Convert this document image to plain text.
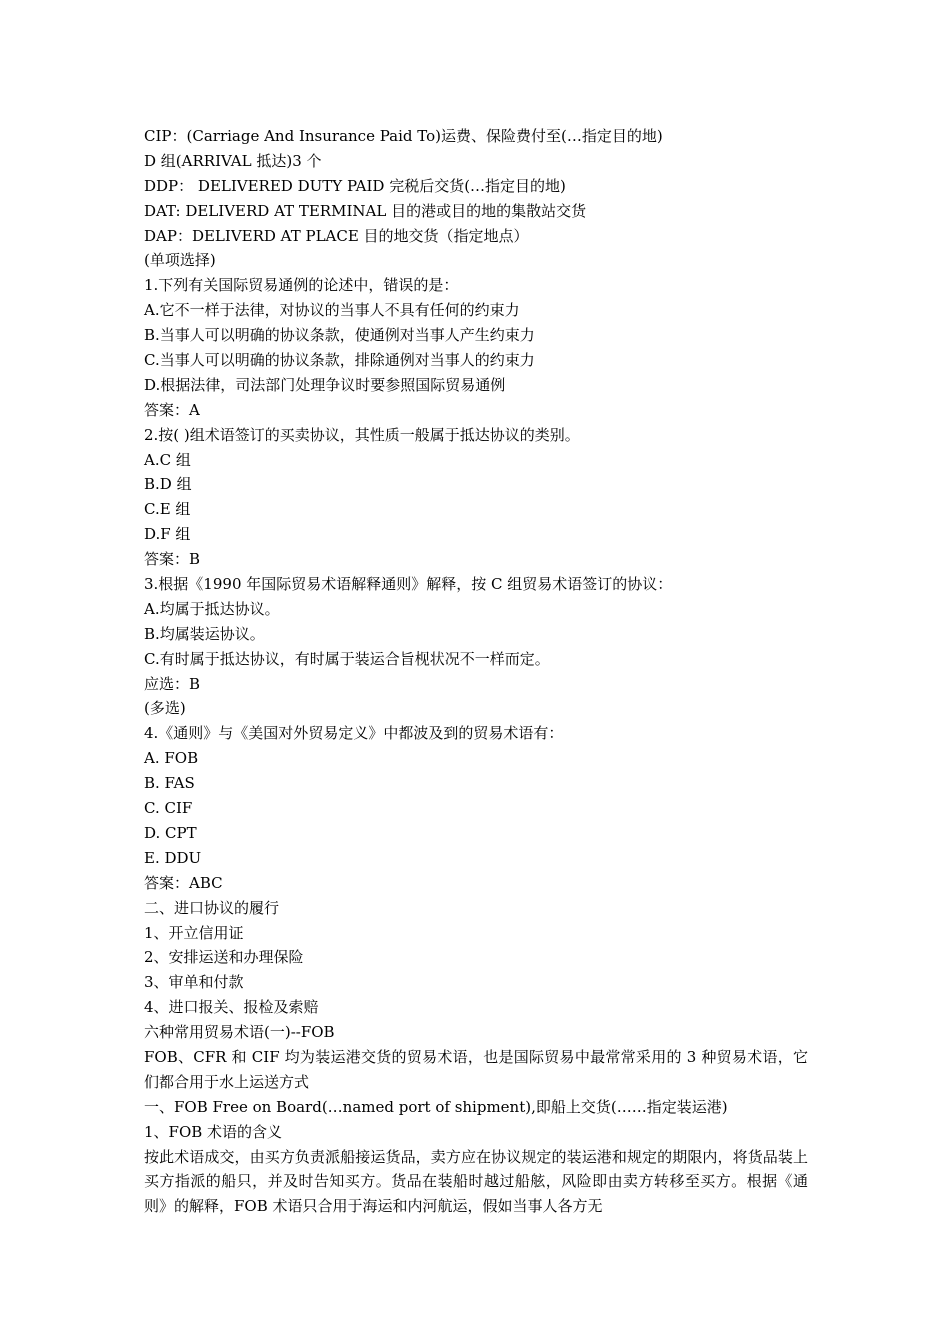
CIP：(Carriage And Insurance Paid To)运费、保险费付至(…指定目的地)
D 组(ARRIVAL 抵达)3 个
DDP： DELIVERED DUTY PAID 完税后交货(…指定目的地)
DAT: DELIVERD AT TERMINAL 目的港或目的地的集散站交货
DAP：DELIVERD AT PLACE 目的地交货（指定地点）
(单项选择)
1.下列有关国际贸易通例的论述中，错误的是：
A.它不一样于法律，对协议的当事人不具有任何的约束力
B.当事人可以明确的协议条款，使通例对当事人产生约束力
C.当事人可以明确的协议条款，排除通例对当事人的约束力
D.根据法律，司法部门处理争议时要参照国际贸易通例
答案：A
2.按( )组术语签订的买卖协议，其性质一般属于抵达协议的类别。
A.C 组
B.D 组
C.E 组
D.F 组
答案：B
3.根据《1990 年国际贸易术语解释通则》解释，按 C 组贸易术语签订的协议：
A.均属于抵达协议。
B.均属装运协议。
C.有时属于抵达协议，有时属于装运合旨枧状况不一样而定。
应选：B
(多选)
4.《通则》与《美国对外贸易定义》中都波及到的贸易术语有：
A. FOB
B. FAS
C. CIF
D. CPT
E. DDU
答案：ABC
二、进口协议的履行
1、开立信用证
2、安排运送和办理保险
3、审单和付款
4、进口报关、报检及索赔
六种常用贸易术语(一)--FOB
FOB、CFR 和 CIF 均为装运港交货的贸易术语，也是国际贸易中最常常采用的 3 种贸易术语，它们都合用于水上运送方式
一、FOB Free on Board(…named port of shipment),即船上交货(……指定装运港)
1、FOB 术语的含义
按此术语成交，由买方负责派船接运货品，卖方应在协议规定的装运港和规定的期限内，将货品装上买方指派的船只，并及时告知买方。货品在装船时越过船舷，风险即由卖方转移至买方。根据《通则》的解释，FOB 术语只合用于海运和内河航运，假如当事人各方无
